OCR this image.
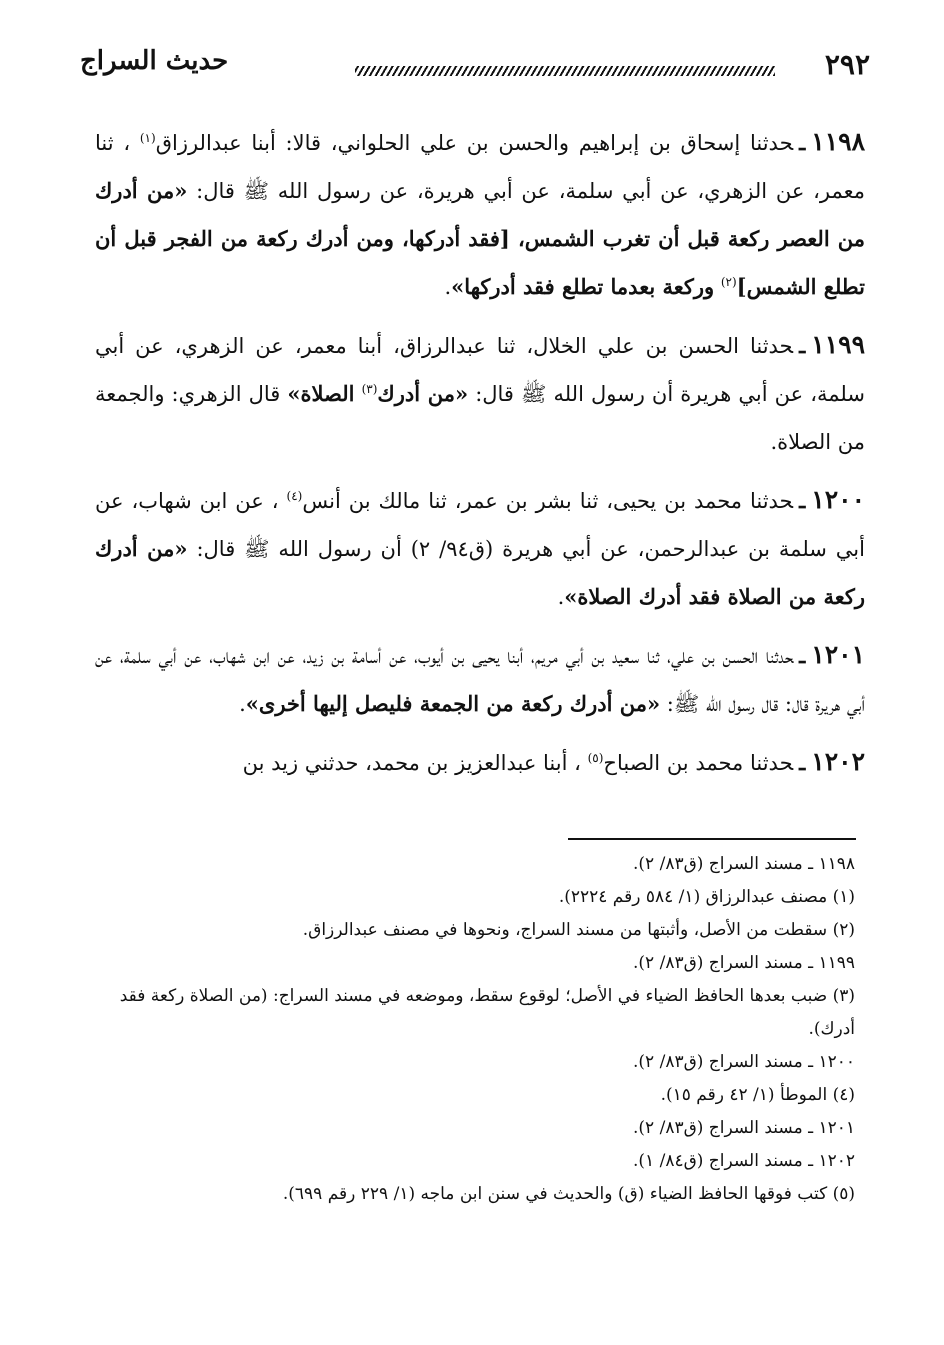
٢٩٢
حديث السراج

١١٩٨ـحدثنا إسحاق بن إبراهيم والحسن بن علي الحلواني، قالا: أبنا عبدالرزاق$^{(١)}$ ، ثنا معمر، عن الزهري، عن أبي سلمة، عن أبي هريرة، عن رسول الله ﷺ قال: «من أدرك من العصر ركعة قبل أن تغرب الشمس، [فقد أدركها، ومن أدرك ركعة من الفجر قبل أن تطلع الشمس]$^{(٢)}$ وركعة بعدما تطلع فقد أدركها».

١١٩٩ـحدثنا الحسن بن علي الخلال، ثنا عبدالرزاق، أبنا معمر، عن الزهري، عن أبي سلمة، عن أبي هريرة أن رسول الله ﷺ قال: «من أدرك$^{(٣)}$ الصلاة» قال الزهري: والجمعة من الصلاة.

١٢٠٠ـحدثنا محمد بن يحيى، ثنا بشر بن عمر، ثنا مالك بن أنس$^{(٤)}$ ، عن ابن شهاب، عن أبي سلمة بن عبدالرحمن، عن أبي هريرة (ق٩٤/ ٢) أن رسول الله ﷺ قال: «من أدرك ركعة من الصلاة فقد أدرك الصلاة».

١٢٠١ـحدثنا الحسن بن علي، ثنا سعيد بن أبي مريم، أبنا يحيى بن أيوب، عن أسامة بن زيد، عن ابن شهاب، عن أبي سلمة، عن أبي هريرة قال: قال رسول الله ﷺ: «من أدرك ركعة من الجمعة فليصل إليها أخرى».

١٢٠٢ـحدثنا محمد بن الصباح$^{(٥)}$ ، أبنا عبدالعزيز بن محمد، حدثني زيد بن

١١٩٨ ـ مسند السراج (ق٨٣/ ٢).

(١) مصنف عبدالرزاق (١/ ٥٨٤ رقم ٢٢٢٤).

(٢) سقطت من الأصل، وأثبتها من مسند السراج، ونحوها في مصنف عبدالرزاق.

١١٩٩ ـ مسند السراج (ق٨٣/ ٢).

(٣) ضبب بعدها الحافظ الضياء في الأصل؛ لوقوع سقط، وموضعه في مسند السراج: (من الصلاة ركعة فقد أدرك).

١٢٠٠ ـ مسند السراج (ق٨٣/ ٢).

(٤) الموطأ (١/ ٤٢ رقم ١٥).

١٢٠١ ـ مسند السراج (ق٨٣/ ٢).

١٢٠٢ ـ مسند السراج (ق٨٤/ ١).

(٥) كتب فوقها الحافظ الضياء (ق) والحديث في سنن ابن ماجه (١/ ٢٢٩ رقم ٦٩٩).
